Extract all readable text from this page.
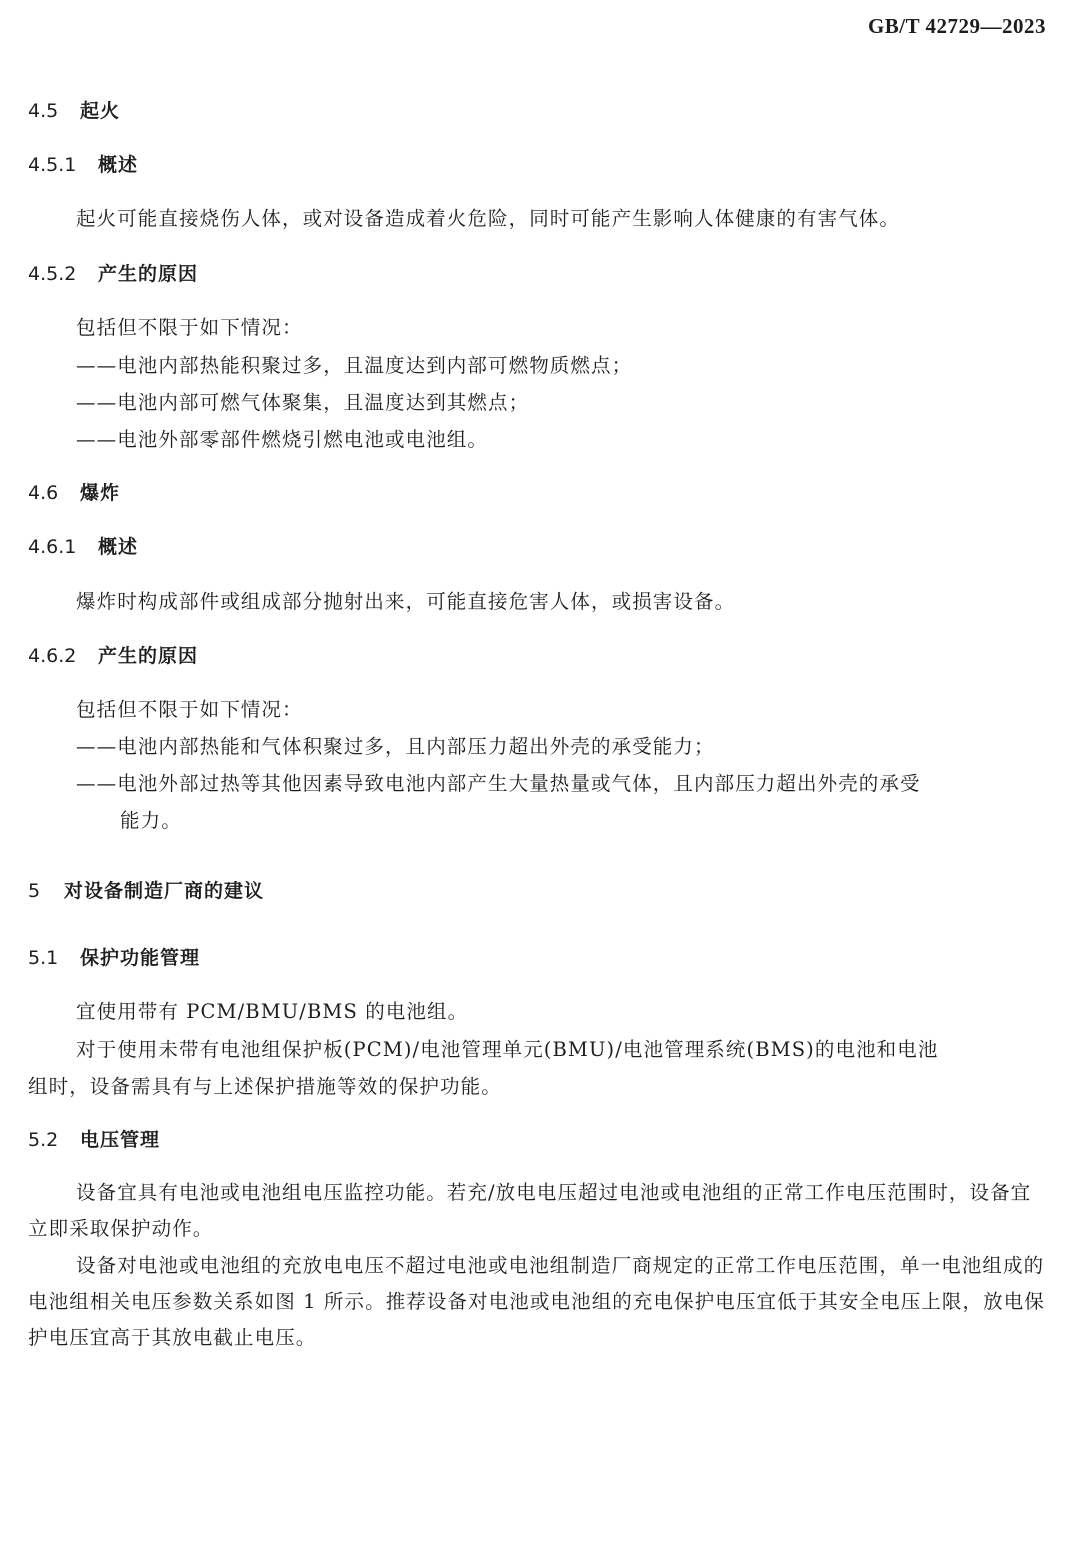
GB/T 42729—2023
4.5 起火
4.5.1 概述
起火可能直接烧伤人体，或对设备造成着火危险，同时可能产生影响人体健康的有害气体。
4.5.2 产生的原因
包括但不限于如下情况：
——电池内部热能积聚过多，且温度达到内部可燃物质燃点；
——电池内部可燃气体聚集，且温度达到其燃点；
——电池外部零部件燃烧引燃电池或电池组。
4.6 爆炸
4.6.1 概述
爆炸时构成部件或组成部分抛射出来，可能直接危害人体，或损害设备。
4.6.2 产生的原因
包括但不限于如下情况：
——电池内部热能和气体积聚过多，且内部压力超出外壳的承受能力；
——电池外部过热等其他因素导致电池内部产生大量热量或气体，且内部压力超出外壳的承受
能力。
5 对设备制造厂商的建议
5.1 保护功能管理
宜使用带有 PCM/BMU/BMS 的电池组。
对于使用未带有电池组保护板(PCM)/电池管理单元(BMU)/电池管理系统(BMS)的电池和电池
组时，设备需具有与上述保护措施等效的保护功能。
5.2 电压管理
设备宜具有电池或电池组电压监控功能。若充/放电电压超过电池或电池组的正常工作电压范围时，设备宜立即采取保护动作。
设备对电池或电池组的充放电电压不超过电池或电池组制造厂商规定的正常工作电压范围，单一电池组成的电池组相关电压参数关系如图 1 所示。推荐设备对电池或电池组的充电保护电压宜低于其安全电压上限，放电保护电压宜高于其放电截止电压。
